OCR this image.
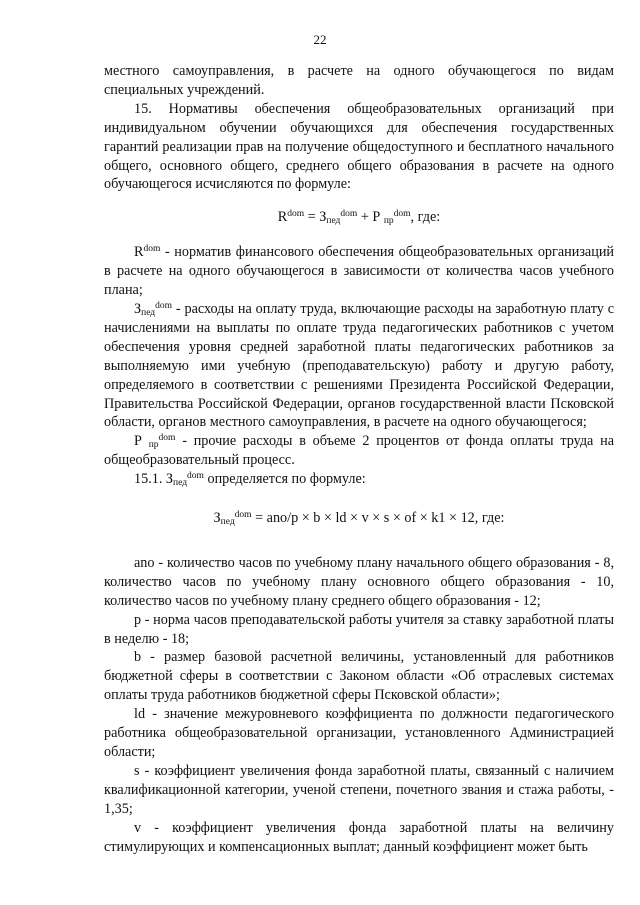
22

местного самоуправления, в расчете на одного обучающегося по видам специальных учреждений.

15. Нормативы обеспечения общеобразовательных организаций при индивидуальном обучении обучающихся для обеспечения государственных гарантий реализации прав на получение общедоступного и бесплатного начального общего, основного общего, среднего общего образования в расчете на одного обучающегося исчисляются по формуле:

$R^{dom} = З_{пед}^{dom} + Р$ $_{пр}^{dom}$, где:

$R^{dom}$ - норматив финансового обеспечения общеобразовательных организаций в расчете на одного обучающегося в зависимости от количества часов учебного плана;

$З_{пед}^{dom}$ - расходы на оплату труда, включающие расходы на заработную плату с начислениями на выплаты по оплате труда педагогических работников с учетом обеспечения уровня средней заработной платы педагогических работников за выполняемую ими учебную (преподавательскую) работу и другую работу, определяемого в соответствии с решениями Президента Российской Федерации, Правительства Российской Федерации, органов государственной власти Псковской области, органов местного самоуправления, в расчете на одного обучающегося;

Р $_{пр}^{dom}$ - прочие расходы в объеме 2 процентов от фонда оплаты труда на общеобразовательный процесс.

15.1. $З_{пед}^{dom}$ определяется по формуле:

$З_{пед}^{dom} = ano/p \times b$ × ld × v × s × of × k1 × 12, где:

ano - количество часов по учебному плану начального общего образования - 8, количество часов по учебному плану основного общего образования - 10, количество часов по учебному плану среднего общего образования - 12;

p - норма часов преподавательской работы учителя за ставку заработной платы в неделю - 18;

b - размер базовой расчетной величины, установленный для работников бюджетной сферы в соответствии с Законом области «Об отраслевых системах оплаты труда работников бюджетной сферы Псковской области»;

ld - значение межуровневого коэффициента по должности педагогического работника общеобразовательной организации, установленного Администрацией области;

s - коэффициент увеличения фонда заработной платы, связанный с наличием квалификационной категории, ученой степени, почетного звания и стажа работы, - 1,35;

v - коэффициент увеличения фонда заработной платы на величину стимулирующих и компенсационных выплат; данный коэффициент может быть
